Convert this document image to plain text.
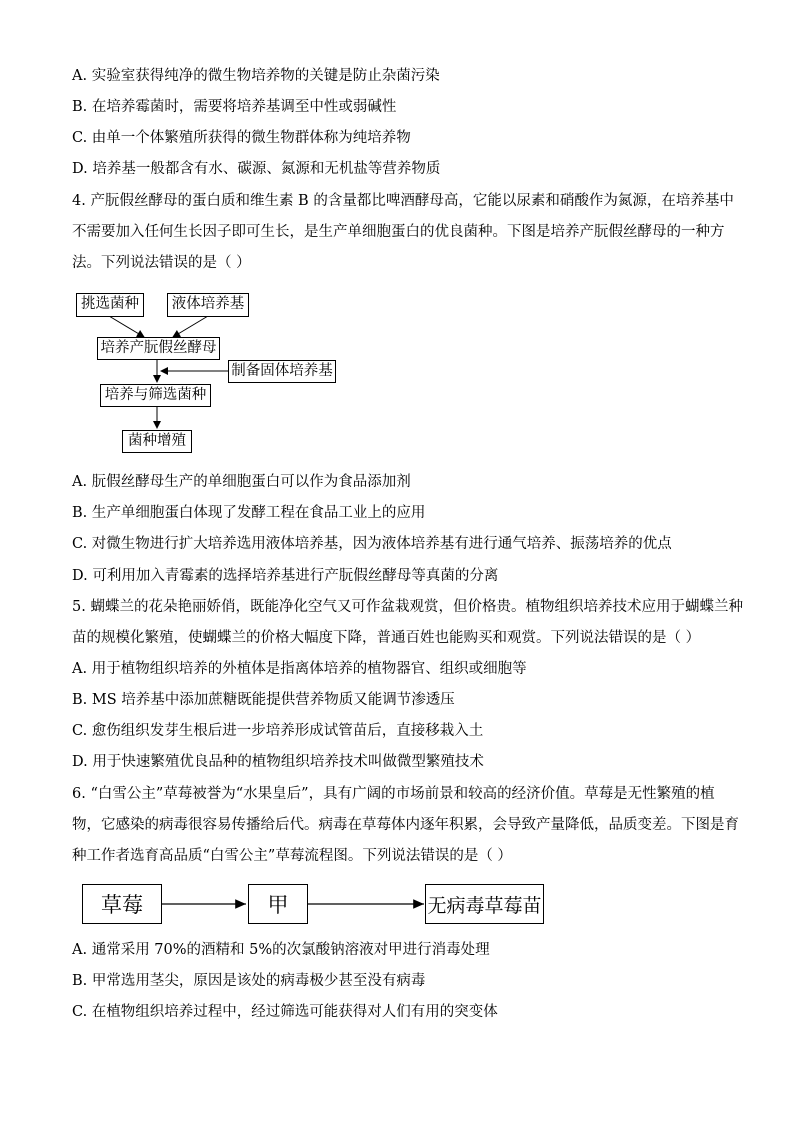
A. 实验室获得纯净的微生物培养物的关键是防止杂菌污染
B. 在培养霉菌时，需要将培养基调至中性或弱碱性
C. 由单一个体繁殖所获得的微生物群体称为纯培养物
D. 培养基一般都含有水、碳源、氮源和无机盐等营养物质
4. 产朊假丝酵母的蛋白质和维生素 B 的含量都比啤酒酵母高，它能以尿素和硝酸作为氮源，在培养基中
不需要加入任何生长因子即可生长，是生产单细胞蛋白的优良菌种。下图是培养产朊假丝酵母的一种方
法。下列说法错误的是（ ）
挑选菌种	液体培养基
培养产朊假丝酵母
制备固体培养基
培养与筛选菌种
菌种增殖
A. 朊假丝酵母生产的单细胞蛋白可以作为食品添加剂
B. 生产单细胞蛋白体现了发酵工程在食品工业上的应用
C. 对微生物进行扩大培养选用液体培养基，因为液体培养基有进行通气培养、振荡培养的优点
D. 可利用加入青霉素的选择培养基进行产朊假丝酵母等真菌的分离
5. 蝴蝶兰的花朵艳丽娇俏，既能净化空气又可作盆栽观赏，但价格贵。植物组织培养技术应用于蝴蝶兰种
苗的规模化繁殖，使蝴蝶兰的价格大幅度下降，普通百姓也能购买和观赏。下列说法错误的是（ ）
A. 用于植物组织培养的外植体是指离体培养的植物器官、组织或细胞等
B. MS 培养基中添加蔗糖既能提供营养物质又能调节渗透压
C. 愈伤组织发芽生根后进一步培养形成试管苗后，直接移栽入土
D. 用于快速繁殖优良品种的植物组织培养技术叫做微型繁殖技术
6. “白雪公主”草莓被誉为“水果皇后”，具有广阔的市场前景和较高的经济价值。草莓是无性繁殖的植
物，它感染的病毒很容易传播给后代。病毒在草莓体内逐年积累，会导致产量降低，品质变差。下图是育
种工作者选育高品质“白雪公主”草莓流程图。下列说法错误的是（ ）
草莓	甲	无病毒草莓苗
A. 通常采用 70%的酒精和 5%的次氯酸钠溶液对甲进行消毒处理
B. 甲常选用茎尖，原因是该处的病毒极少甚至没有病毒
C. 在植物组织培养过程中，经过筛选可能获得对人们有用的突变体
